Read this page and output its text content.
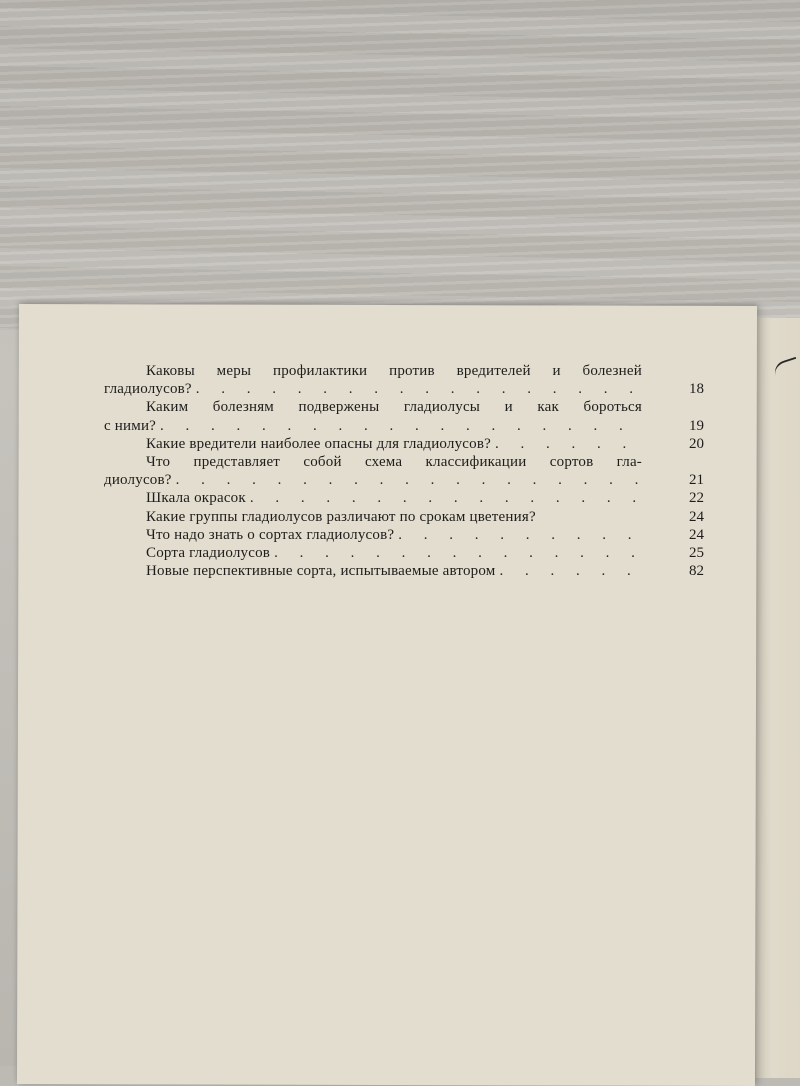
Каковы меры профилактики против вредителей и болезней
гладиолусов? . . .	18
Каким болезням подвержены гладиолусы и как бороться
с ними? . . .	19
Какие вредители наиболее опасны для гладиолусов? . . .	20
Что представляет собой схема классификации сортов гла-
диолусов? . . .	21
Шкала окрасок . . .	22
Какие группы гладиолусов различают по срокам цветения?	24
Что надо знать о сортах гладиолусов? . . .	24
Сорта гладиолусов . . .	25
Новые перспективные сорта, испытываемые автором . . .	82
